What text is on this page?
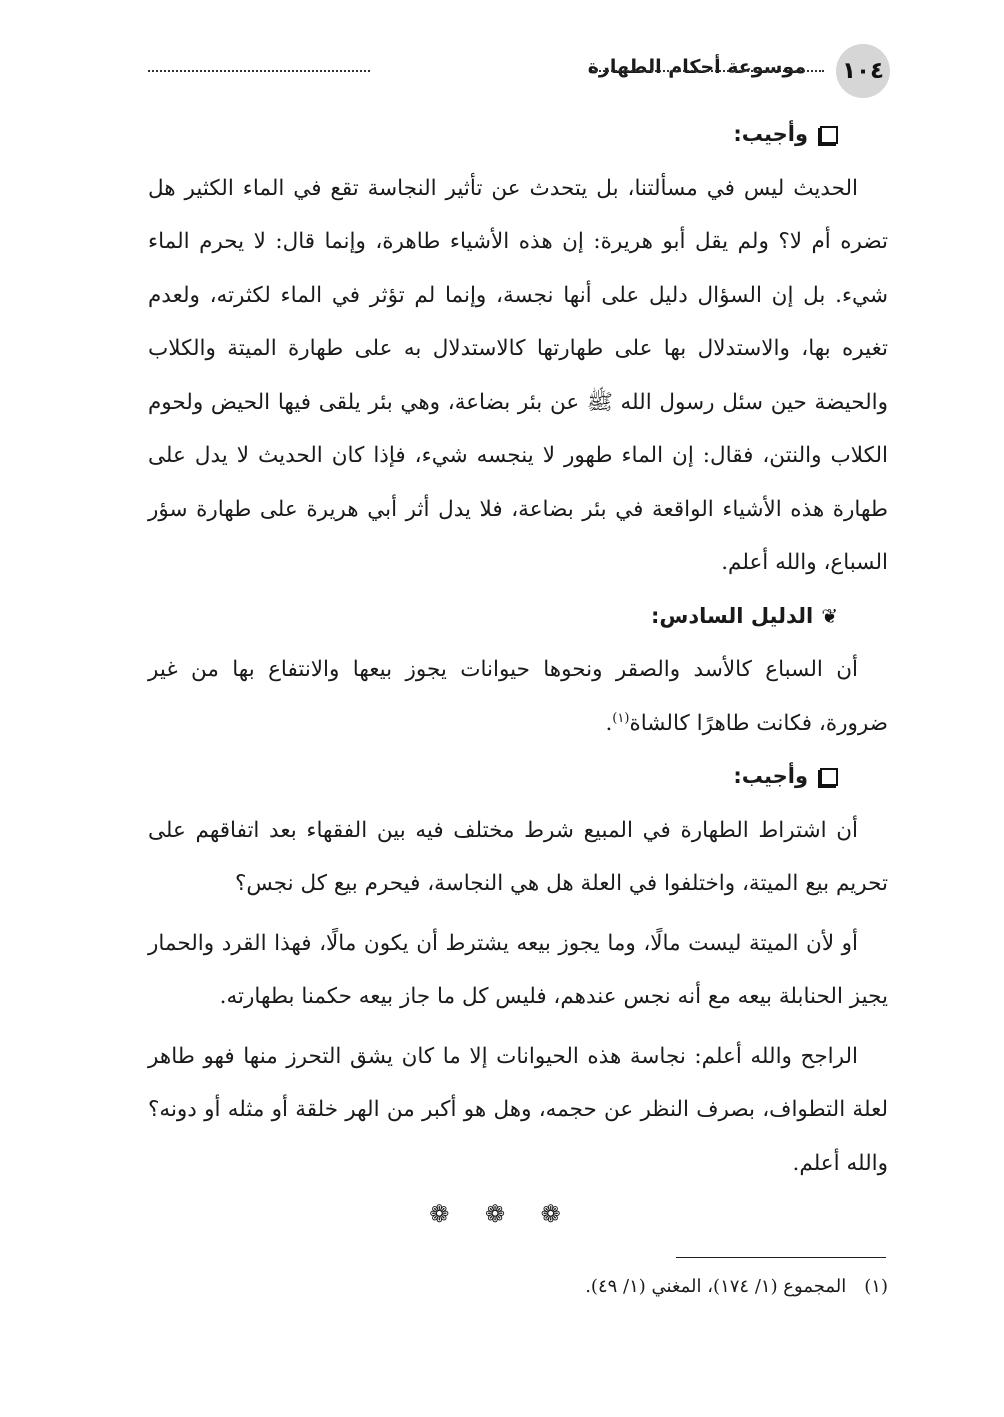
موسوعة أحكام الطهارة ١٠٤
وأجيب:

الحديث ليس في مسألتنا، بل يتحدث عن تأثير النجاسة تقع في الماء الكثير هل تضره أم لا؟ ولم يقل أبو هريرة: إن هذه الأشياء طاهرة، وإنما قال: لا يحرم الماء شيء. بل إن السؤال دليل على أنها نجسة، وإنما لم تؤثر في الماء لكثرته، ولعدم تغيره بها، والاستدلال بها على طهارتها كالاستدلال به على طهارة الميتة والكلاب والحيضة حين سئل رسول الله ﷺ عن بئر بضاعة، وهي بئر يلقى فيها الحيض ولحوم الكلاب والنتن، فقال: إن الماء طهور لا ينجسه شيء، فإذا كان الحديث لا يدل على طهارة هذه الأشياء الواقعة في بئر بضاعة، فلا يدل أثر أبي هريرة على طهارة سؤر السباع، والله أعلم.

❦
الدليل السادس:

أن السباع كالأسد والصقر ونحوها حيوانات يجوز بيعها والانتفاع بها من غير ضرورة، فكانت طاهرًا كالشاة$^{(١)}$.

وأجيب:

أن اشتراط الطهارة في المبيع شرط مختلف فيه بين الفقهاء بعد اتفاقهم على تحريم بيع الميتة، واختلفوا في العلة هل هي النجاسة، فيحرم بيع كل نجس؟

أو لأن الميتة ليست مالًا، وما يجوز بيعه يشترط أن يكون مالًا، فهذا القرد والحمار يجيز الحنابلة بيعه مع أنه نجس عندهم، فليس كل ما جاز بيعه حكمنا بطهارته.

الراجح والله أعلم: نجاسة هذه الحيوانات إلا ما كان يشق التحرز منها فهو طاهر لعلة التطواف، بصرف النظر عن حجمه، وهل هو أكبر من الهر خلقة أو مثله أو دونه؟ والله أعلم.

❁ ❁ ❁
(١)المجموع (١/ ١٧٤)، المغني (١/ ٤٩).
